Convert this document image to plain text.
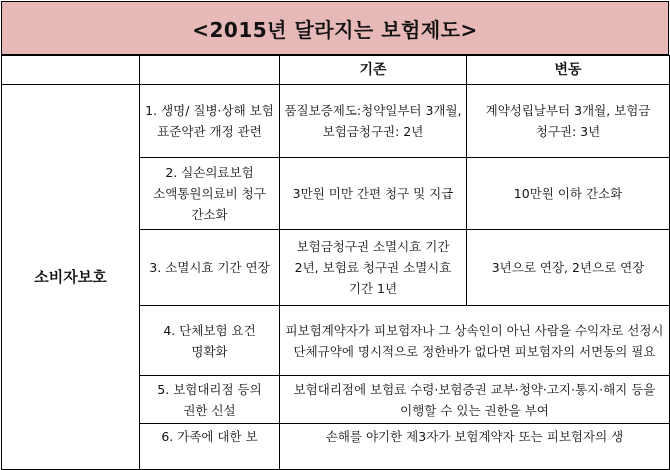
<2015년 달라지는 보험제도>
		기존	변동
소비자보호	1. 생명/ 질병·상해 보험 표준약관 개정 관련	품질보증제도:청약일부터 3개월, 보험금청구권: 2년	계약성립날부터 3개월, 보험금 청구권: 3년
	2. 실손의료보험 소액통원의료비 청구 간소화	3만원 미만 간편 청구 및 지급	10만원 이하 간소화
	3. 소멸시효 기간 연장	보험금청구권 소멸시효 기간 2년, 보험료 청구권 소멸시효 기간 1년	3년으로 연장, 2년으로 연장
	4. 단체보험 요건 명확화	피보험계약자가 피보험자나 그 상속인이 아닌 사람을 수익자로 선정시 단체규약에 명시적으로 정한바가 없다면 피보험자의 서면동의 필요	
	5. 보험대리점 등의 권한 신설	보험대리점에 보험료 수령·보험증권 교부·청약·고지·통지·해지 등을 이행할 수 있는 권한을 부여	
	6. 가족에 대한 보	손해를 야기한 제3자가 보험계약자 또는 피보험자의 생	
